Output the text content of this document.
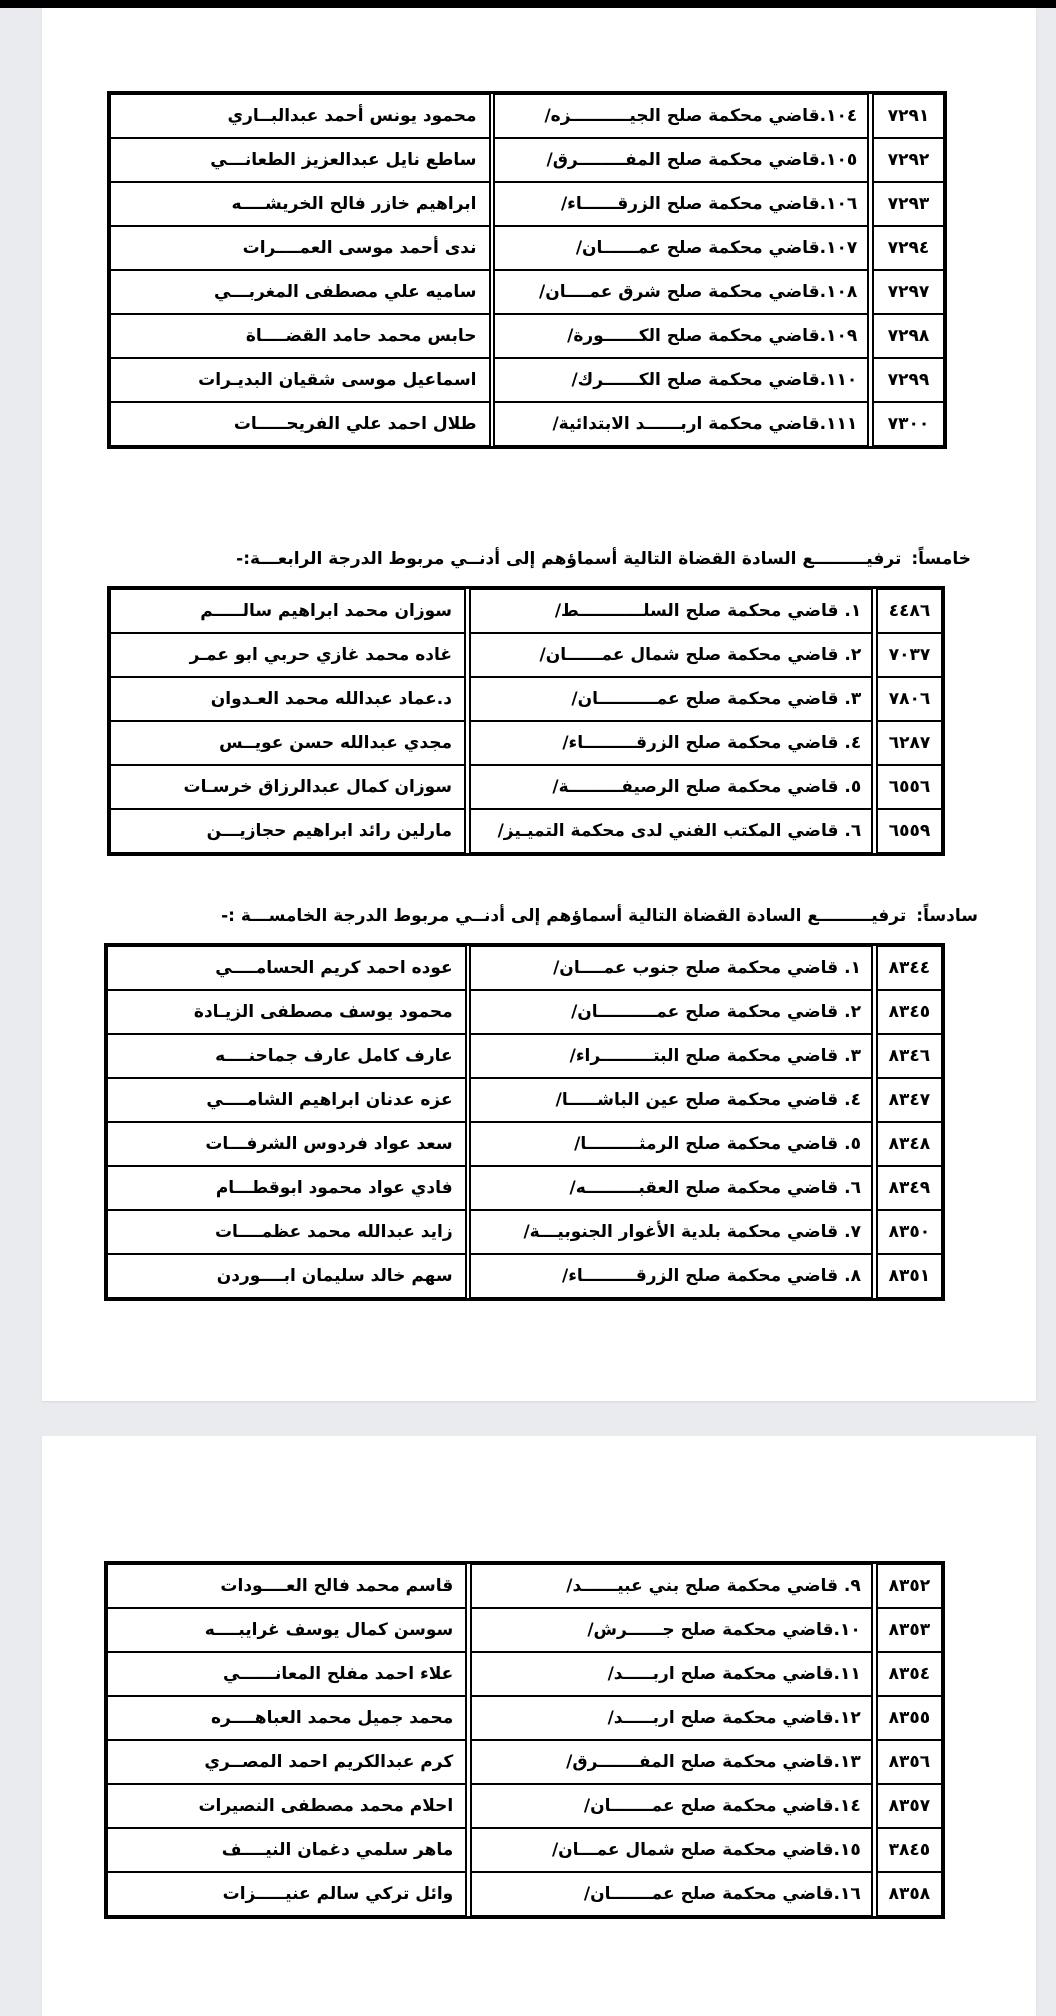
٧٢٩١		١٠٤.قاضي محكمة صلح الجيــــــــــزه/		محمود يونس أحمد عبدالبــاري
٧٢٩٢		١٠٥.قاضي محكمة صلح المفــــــــرق/		ساطع نايل عبدالعزيز الطعانـــي
٧٢٩٣		١٠٦.قاضي محكمة صلح الزرقــــــاء/		ابراهيم خازر فالح الخريشــــه
٧٢٩٤		١٠٧.قاضي محكمة صلح عمــــــان/		ندى أحمد موسى العمــــرات
٧٢٩٧		١٠٨.قاضي محكمة صلح شرق عمــــان/		ساميه علي مصطفى المغربـــي
٧٢٩٨		١٠٩.قاضي محكمة صلح الكــــــورة/		حابس محمد حامد القضــــاة
٧٢٩٩		١١٠.قاضي محكمة صلح الكــــــرك/		اسماعيل موسى شقيان البديـرات
٧٣٠٠		١١١.قاضي محكمة اربــــــد الابتدائية/		طلال احمد علي الفريحـــــات
خامساً:ترفيـــــــــع السادة القضاة التالية أسماؤهم إلى أدنــي مربوط الدرجة الرابعـــة:-
٤٤٨٦		١. قاضي محكمة صلح السلـــــــــــط/		سوزان محمد ابراهيم سالـــــم
٧٠٣٧		٢. قاضي محكمة صلح شمال عمــــــان/		غاده محمد غازي حربي ابو عمـر
٧٨٠٦		٣. قاضي محكمة صلح عمــــــــــان/		د.عماد عبدالله محمد العـدوان
٦٢٨٧		٤. قاضي محكمة صلح الزرقـــــــــاء/		مجدي عبدالله حسن عويــس
٦٥٥٦		٥. قاضي محكمة صلح الرصيفـــــــــة/		سوزان كمال عبدالرزاق خرسـات
٦٥٥٩		٦. قاضي المكتب الفني لدى محكمة التميـيز/		مارلين رائد ابراهيم حجازيـــن
سادساً:ترفيـــــــــع السادة القضاة التالية أسماؤهم إلى أدنــي مربوط الدرجة الخامســـة :-
٨٣٤٤		١. قاضي محكمة صلح جنوب عمــــان/		عوده احمد كريم الحسامــــي
٨٣٤٥		٢. قاضي محكمة صلح عمــــــــــان/		محمود يوسف مصطفى الزيـادة
٨٣٤٦		٣. قاضي محكمة صلح البتـــــــــراء/		عارف كامل عارف جماحنــــه
٨٣٤٧		٤. قاضي محكمة صلح عين الباشـــــا/		عزه عدنان ابراهيم الشامــــي
٨٣٤٨		٥. قاضي محكمة صلح الرمثـــــــــا/		سعد عواد فردوس الشرفـــات
٨٣٤٩		٦. قاضي محكمة صلح العقبـــــــــه/		فادي عواد محمود ابوقطـــام
٨٣٥٠		٧. قاضي محكمة بلدية الأغوار الجنوبيـــة/		زايد عبدالله محمد عظمــــات
٨٣٥١		٨. قاضي محكمة صلح الزرقـــــــــاء/		سهم خالد سليمان ابــــوردن
٨٣٥٢		٩. قاضي محكمة صلح بني عبيــــــد/		قاسم محمد فالح العــــودات
٨٣٥٣		١٠.قاضي محكمة صلح جــــــرش/		سوسن كمال يوسف غرايبــــه
٨٣٥٤		١١.قاضي محكمة صلح اربـــــد/		علاء احمد مفلح المعانــــــي
٨٣٥٥		١٢.قاضي محكمة صلح اربـــــد/		محمد جميل محمد العباهــــره
٨٣٥٦		١٣.قاضي محكمة صلح المفـــــــرق/		كرم عبدالكريم احمد المصــري
٨٣٥٧		١٤.قاضي محكمة صلح عمـــــــان/		احلام محمد مصطفى النصيرات
٣٨٤٥		١٥.قاضي محكمة صلح شمال عمـــان/		ماهر سلمي دغمان النيــــف
٨٣٥٨		١٦.قاضي محكمة صلح عمـــــــان/		وائل تركي سالم عنيـــــزات
